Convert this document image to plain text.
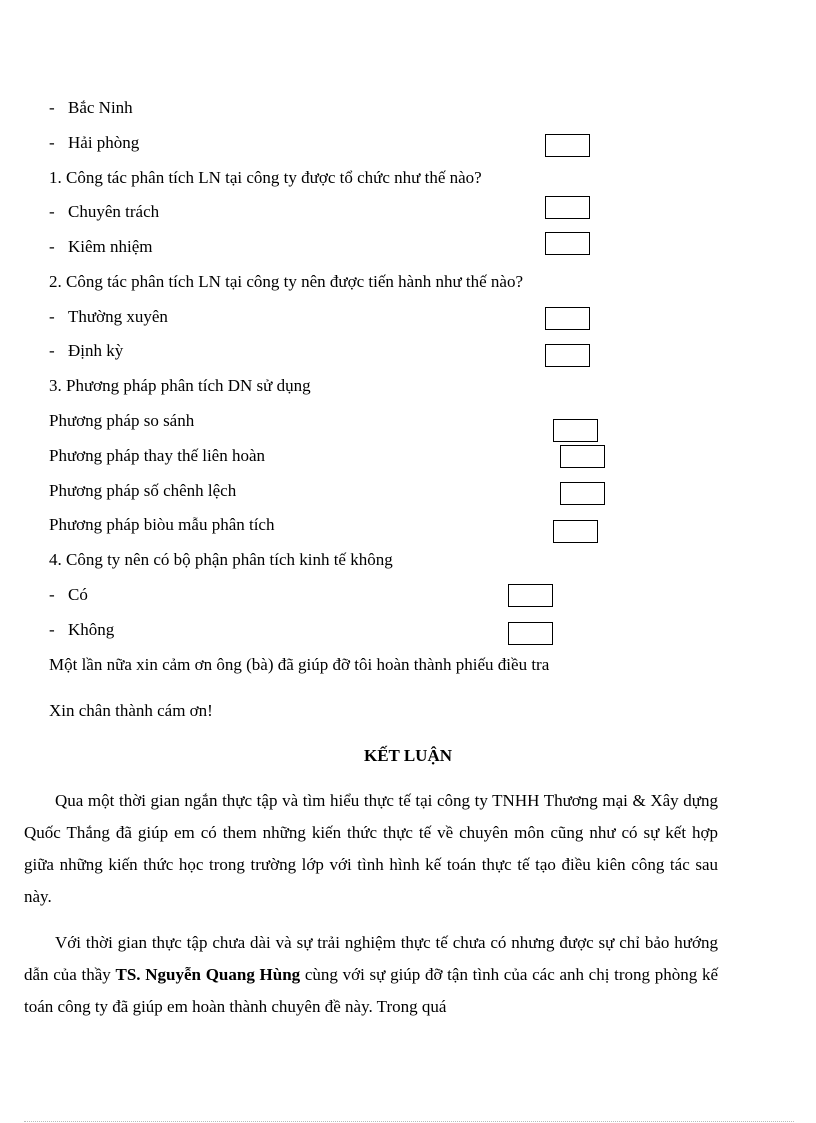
- Bắc Ninh
- Hải phòng
1. Công tác phân tích LN tại công ty được tổ chức như thế nào?
- Chuyên trách
- Kiêm nhiệm
2. Công tác phân tích LN tại công ty nên được tiến hành như thế nào?
- Thường xuyên
- Định kỳ
3. Phương pháp phân tích DN sử dụng
Phương pháp so sánh
Phương pháp thay thế liên hoàn
Phương pháp số chênh lệch
Phương pháp biòu mẫu phân tích
4. Công ty nên có bộ phận phân tích kinh tế không
- Có
- Không
Một lần nữa xin cảm ơn ông (bà) đã giúp đỡ tôi hoàn thành phiếu điều tra
Xin chân thành cám ơn!
KẾT LUẬN
Qua một thời gian ngắn thực tập và tìm hiểu thực tế tại công ty TNHH Thương mại & Xây dựng Quốc Thắng đã giúp em có them những kiến thức thực tế về chuyên môn cũng như có sự kết hợp giữa những kiến thức học trong trường lớp với tình hình kế toán thực tế tạo điều kiên công tác sau này.
Với thời gian thực tập chưa dài và sự trải nghiệm thực tế chưa có nhưng được sự chỉ bảo hướng dẫn của thầy TS. Nguyễn Quang Hùng cùng với sự giúp đỡ tận tình của các anh chị trong phòng kế toán công ty đã giúp em hoàn thành chuyên đề này. Trong quá
